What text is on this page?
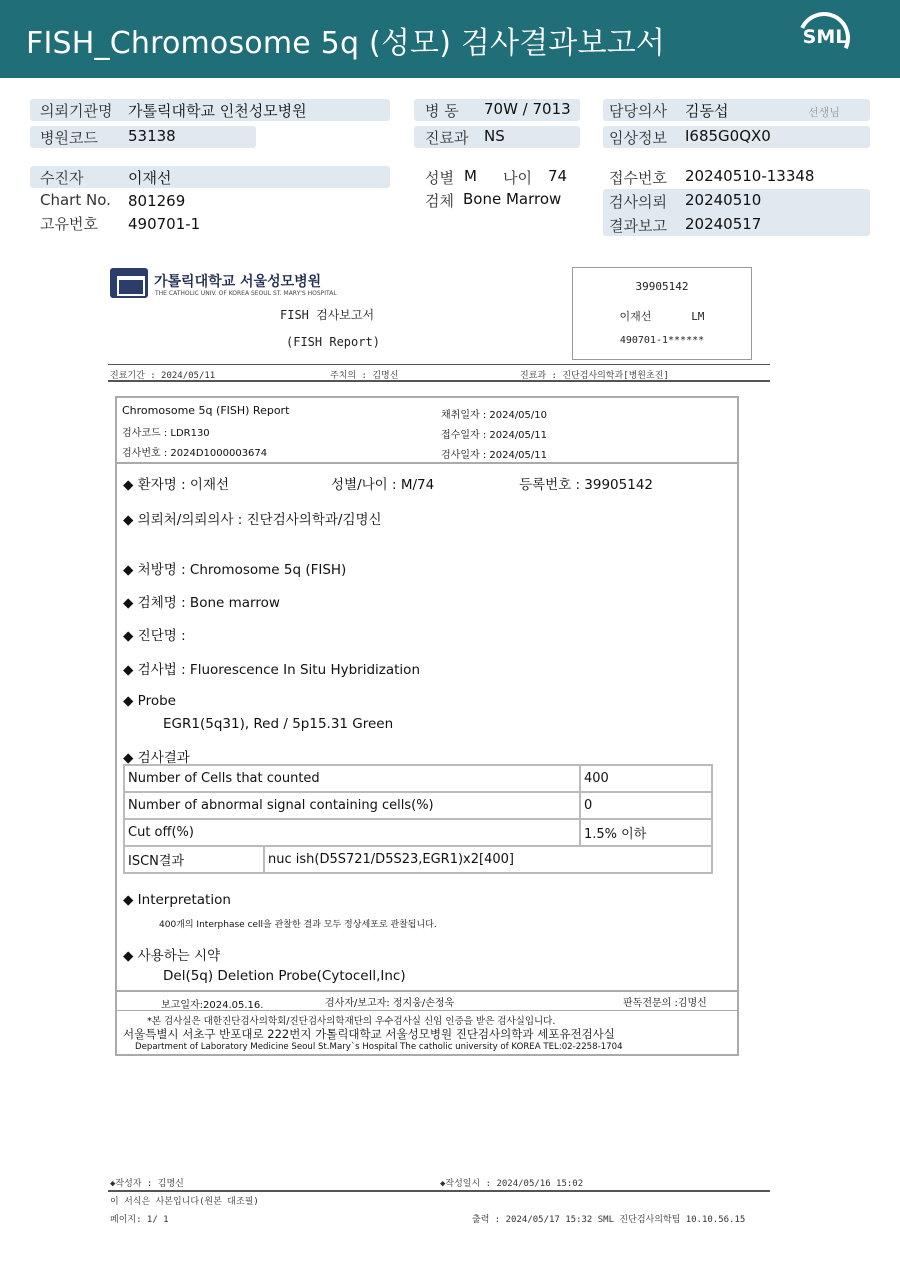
FISH_Chromosome 5q (성모) 검사결과보고서	SML
의뢰기관명 가톨릭대학교 인천성모병원
병원코드 53138
수진자	이재선
Chart No. 801269
고유번호 490701-1
병 동 70W / 7013
진료과 NS
성별 M 나이 74
검체 Bone Marrow
담당의사 김동섭	선생님
임상정보 I685G0QX0
접수번호 20240510-13348
검사의뢰 20240510
결과보고 20240517
가톨릭대학교 서울성모병원
THE CATHOLIC UNIV. OF KOREA SEOUL ST. MARY'S HOSPITAL
FISH 검사보고서
(FISH Report)
39905142
이재선	LM
490701-1******
진료기간 : 2024/05/11	주치의 : 김명신	진료과 : 진단검사의학과[병원초진]
Chromosome 5q (FISH) Report
검사코드 : LDR130
검사번호 : 2024D1000003674
채취일자 : 2024/05/10
접수일자 : 2024/05/11
검사일자 : 2024/05/11
◆ 환자명 : 이재선	성별/나이 : M/74	등록번호 : 39905142
◆ 의뢰처/의뢰의사 : 진단검사의학과/김명신
◆ 처방명 : Chromosome 5q (FISH)
◆ 검체명 : Bone marrow
◆ 진단명 :
◆ 검사법 : Fluorescence In Situ Hybridization
◆ Probe
EGR1(5q31), Red / 5p15.31 Green
◆ 검사결과
Number of Cells that counted		400
Number of abnormal signal containing cells(%)		0
Cut off(%)		1.5% 이하
ISCN결과	nuc ish(D5S721/D5S23,EGR1)x2[400]	
◆ Interpretation
400개의 Interphase cell을 관찰한 결과 모두 정상세포로 관찰됩니다.
◆ 사용하는 시약
Del(5q) Deletion Probe(Cytocell,Inc)
보고일자:2024.05.16.	검사자/보고자: 정지웅/손정욱	판독전문의 :김명신
*본 검사실은 대한진단검사의학회/진단검사의학재단의 우수검사실 신임 인증을 받은 검사실입니다.
서울특별시 서초구 반포대로 222번지 가톨릭대학교 서울성모병원 진단검사의학과 세포유전검사실
Department of Laboratory Medicine Seoul St.Mary`s Hospital The catholic university of KOREA TEL:02-2258-1704
◆작성자 : 김명신	◆작성일시 : 2024/05/16 15:02
이 서식은 사본입니다(원본 대조필)
페이지: 1/ 1	출력 : 2024/05/17 15:32 SML 진단검사의학팀 10.10.56.15
